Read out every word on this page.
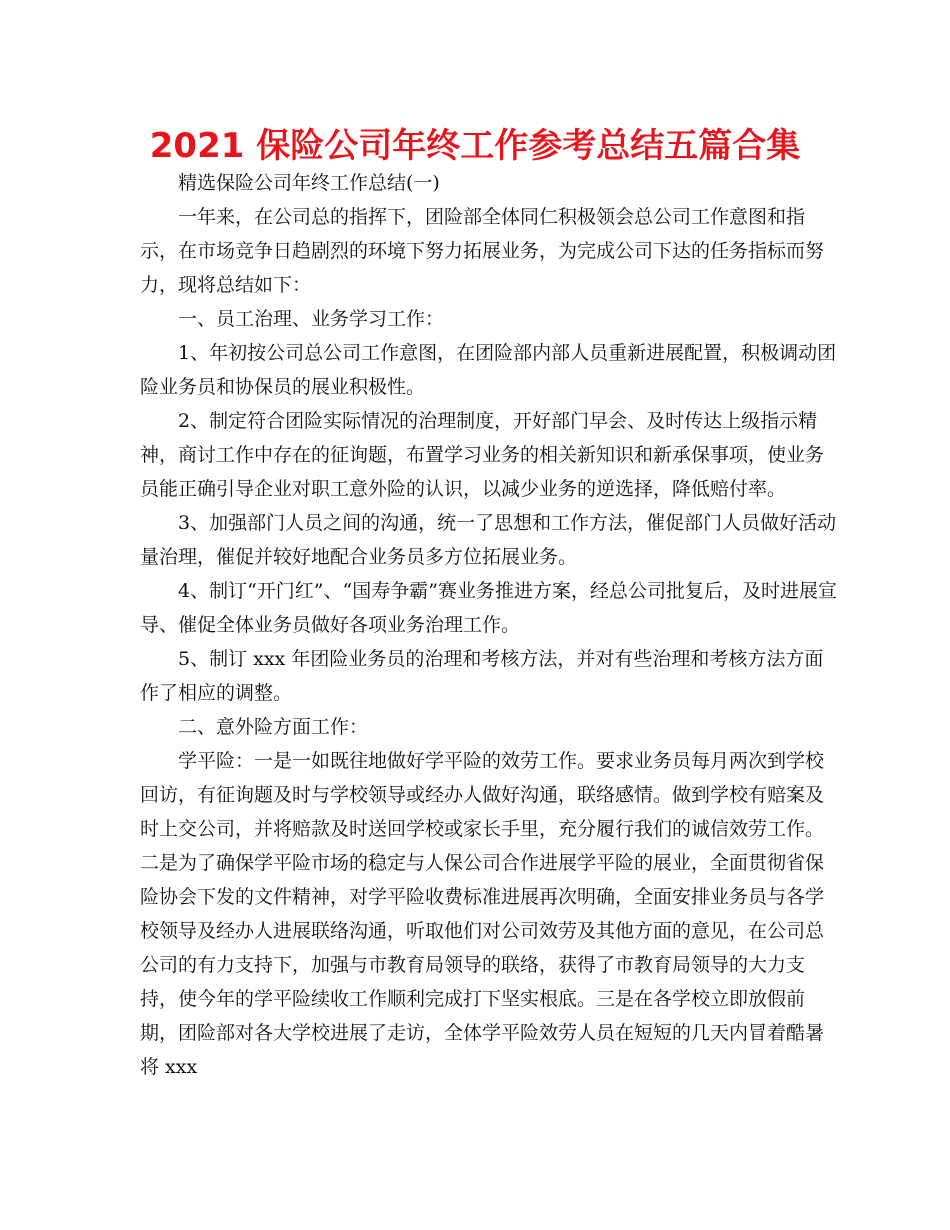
2021 保险公司年终工作参考总结五篇合集

精选保险公司年终工作总结(一)

一年来，在公司总的指挥下，团险部全体同仁积极领会总公司工作意图和指示，在市场竞争日趋剧烈的环境下努力拓展业务，为完成公司下达的任务指标而努力，现将总结如下：

一、员工治理、业务学习工作：

1、年初按公司总公司工作意图，在团险部内部人员重新进展配置，积极调动团险业务员和协保员的展业积极性。

2、制定符合团险实际情况的治理制度，开好部门早会、及时传达上级指示精神，商讨工作中存在的征询题，布置学习业务的相关新知识和新承保事项，使业务员能正确引导企业对职工意外险的认识，以减少业务的逆选择，降低赔付率。

3、加强部门人员之间的沟通，统一了思想和工作方法，催促部门人员做好活动量治理，催促并较好地配合业务员多方位拓展业务。

4、制订“开门红”、“国寿争霸”赛业务推进方案，经总公司批复后，及时进展宣导、催促全体业务员做好各项业务治理工作。

5、制订 xxx 年团险业务员的治理和考核方法，并对有些治理和考核方法方面作了相应的调整。

二、意外险方面工作：

学平险：一是一如既往地做好学平险的效劳工作。要求业务员每月两次到学校回访，有征询题及时与学校领导或经办人做好沟通，联络感情。做到学校有赔案及时上交公司，并将赔款及时送回学校或家长手里，充分履行我们的诚信效劳工作。二是为了确保学平险市场的稳定与人保公司合作进展学平险的展业，全面贯彻省保险协会下发的文件精神，对学平险收费标准进展再次明确，全面安排业务员与各学校领导及经办人进展联络沟通，听取他们对公司效劳及其他方面的意见，在公司总公司的有力支持下，加强与市教育局领导的联络，获得了市教育局领导的大力支持，使今年的学平险续收工作顺利完成打下坚实根底。三是在各学校立即放假前期，团险部对各大学校进展了走访，全体学平险效劳人员在短短的几天内冒着酷暑将 xxx
